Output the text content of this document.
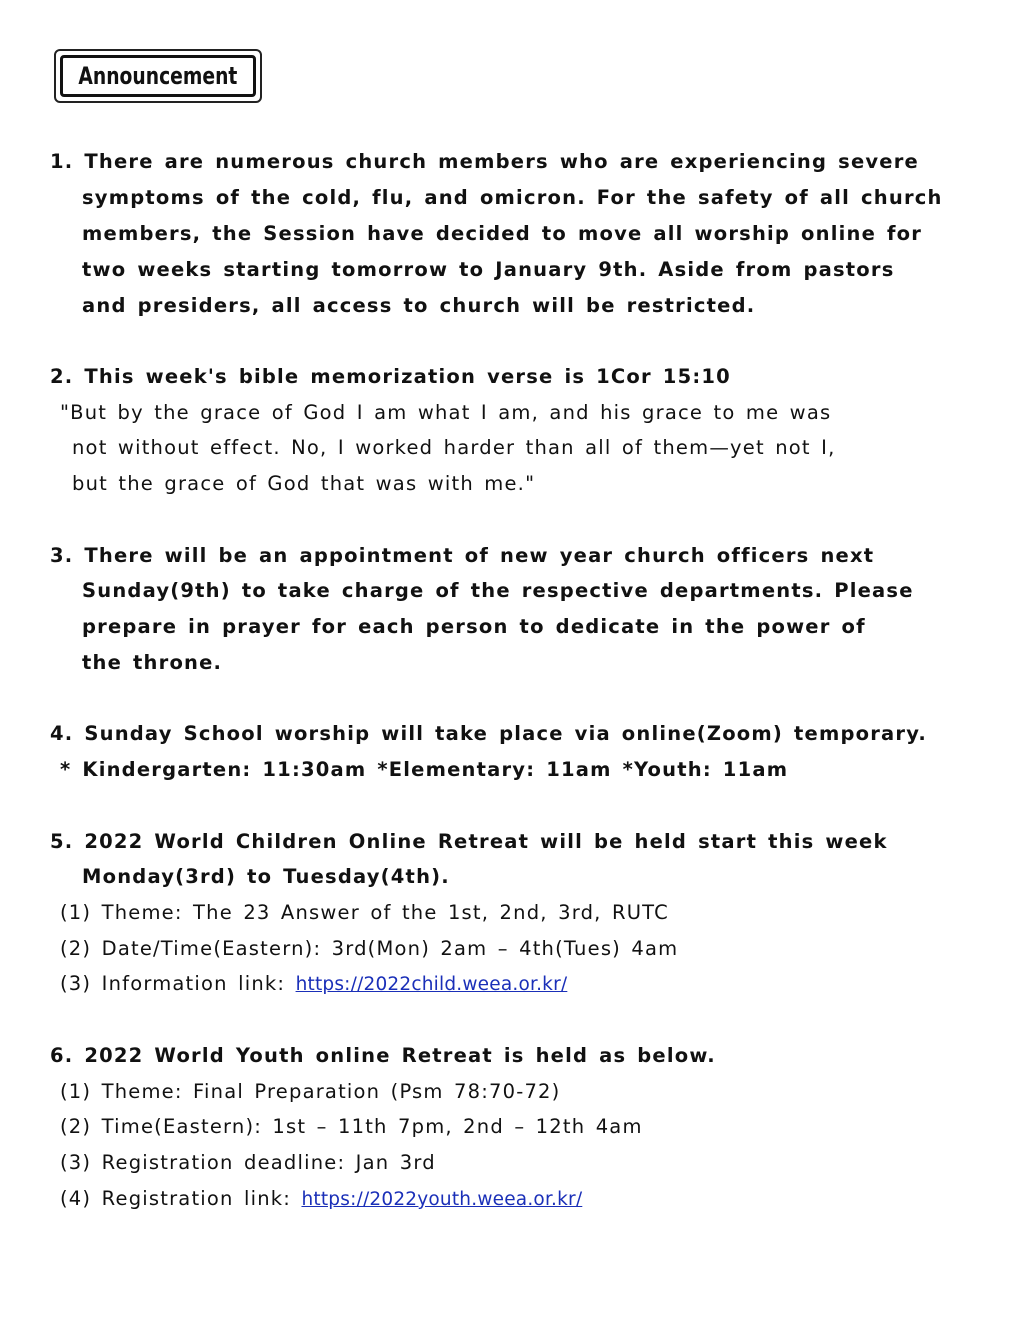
Announcement
1. There are numerous church members who are experiencing severe
symptoms of the cold, flu, and omicron. For the safety of all church
members, the Session have decided to move all worship online for
two weeks starting tomorrow to January 9th. Aside from pastors
and presiders, all access to church will be restricted.
2. This week's bible memorization verse is 1Cor 15:10
"But by the grace of God I am what I am, and his grace to me was
not without effect. No, I worked harder than all of them—yet not I,
but the grace of God that was with me."
3. There will be an appointment of new year church officers next
Sunday(9th) to take charge of the respective departments. Please
prepare in prayer for each person to dedicate in the power of
the throne.
4. Sunday School worship will take place via online(Zoom) temporary.
* Kindergarten: 11:30am *Elementary: 11am *Youth: 11am
5. 2022 World Children Online Retreat will be held start this week
Monday(3rd) to Tuesday(4th).
(1) Theme: The 23 Answer of the 1st, 2nd, 3rd, RUTC
(2) Date/Time(Eastern): 3rd(Mon) 2am – 4th(Tues) 4am
(3) Information link: https://2022child.weea.or.kr/
6. 2022 World Youth online Retreat is held as below.
(1) Theme: Final Preparation (Psm 78:70-72)
(2) Time(Eastern): 1st – 11th 7pm, 2nd – 12th 4am
(3) Registration deadline: Jan 3rd
(4) Registration link: https://2022youth.weea.or.kr/
